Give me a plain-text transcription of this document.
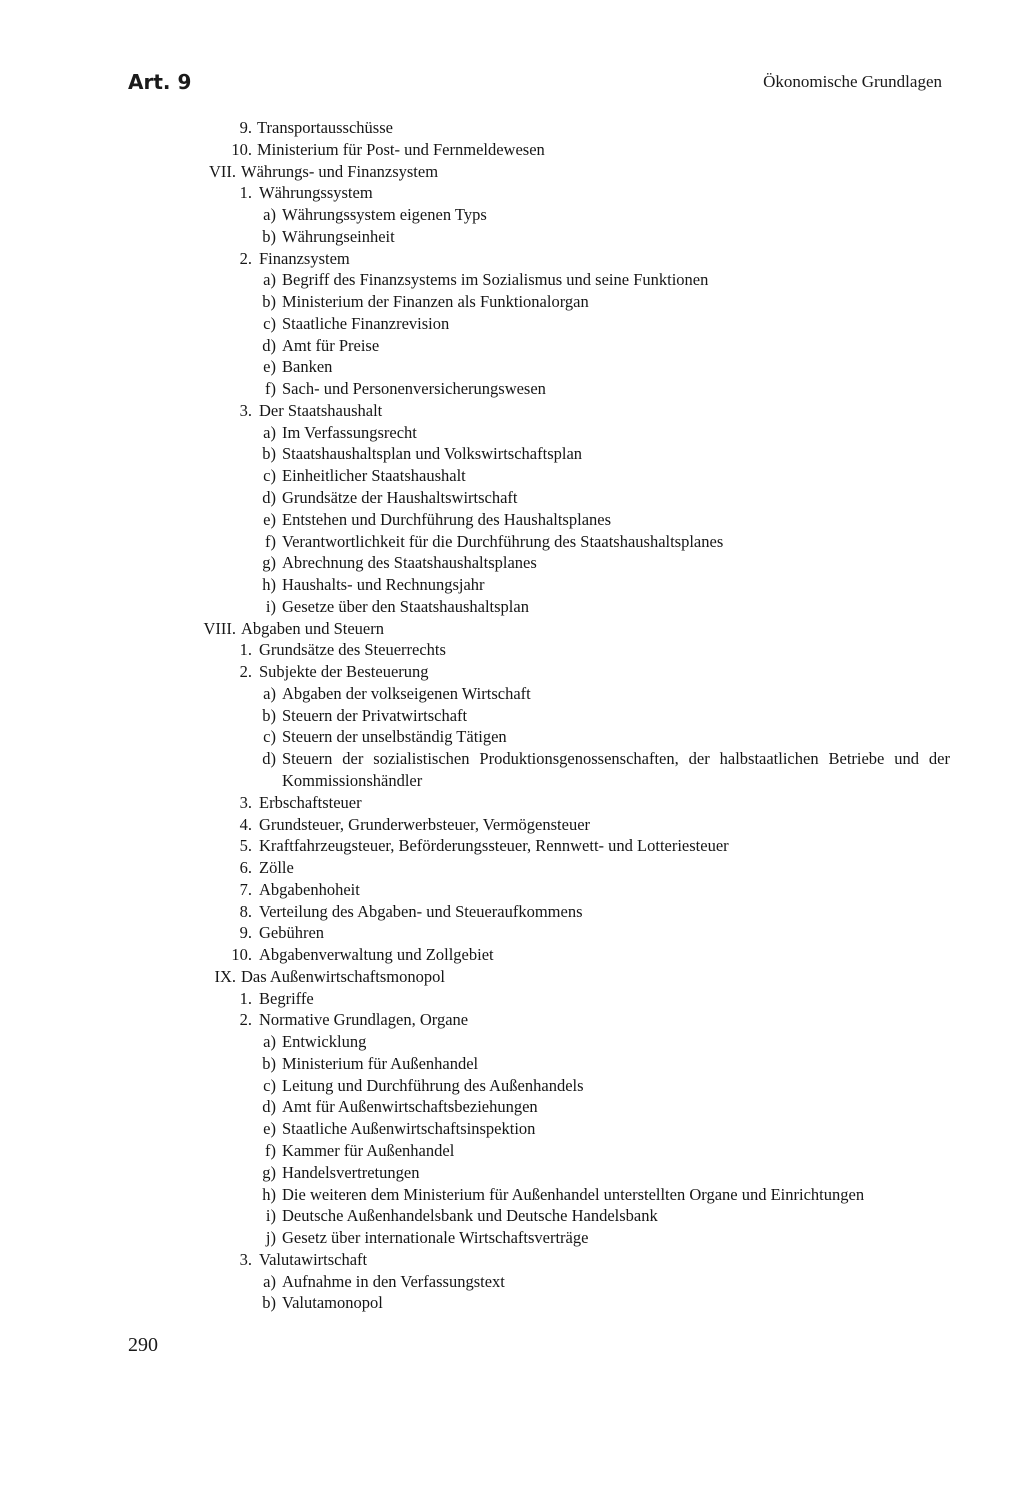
Art. 9	Ökonomische Grundlagen
9. Transportausschüsse
10. Ministerium für Post- und Fernmeldewesen
VII. Währungs- und Finanzsystem
1. Währungssystem
a) Währungssystem eigenen Typs
b) Währungseinheit
2. Finanzsystem
a) Begriff des Finanzsystems im Sozialismus und seine Funktionen
b) Ministerium der Finanzen als Funktionalorgan
c) Staatliche Finanzrevision
d) Amt für Preise
e) Banken
f) Sach- und Personenversicherungswesen
3. Der Staatshaushalt
a) Im Verfassungsrecht
b) Staatshaushaltsplan und Volkswirtschaftsplan
c) Einheitlicher Staatshaushalt
d) Grundsätze der Haushaltswirtschaft
e) Entstehen und Durchführung des Haushaltsplanes
f) Verantwortlichkeit für die Durchführung des Staatshaushaltsplanes
g) Abrechnung des Staatshaushaltsplanes
h) Haushalts- und Rechnungsjahr
i) Gesetze über den Staatshaushaltsplan
VIII. Abgaben und Steuern
1. Grundsätze des Steuerrechts
2. Subjekte der Besteuerung
a) Abgaben der volkseigenen Wirtschaft
b) Steuern der Privatwirtschaft
c) Steuern der unselbständig Tätigen
d) Steuern der sozialistischen Produktionsgenossenschaften, der halbstaatlichen Betriebe und der Kommissionshändler
3. Erbschaftsteuer
4. Grundsteuer, Grunderwerbsteuer, Vermögensteuer
5. Kraftfahrzeugsteuer, Beförderungssteuer, Rennwett- und Lotteriesteuer
6. Zölle
7. Abgabenhoheit
8. Verteilung des Abgaben- und Steueraufkommens
9. Gebühren
10. Abgabenverwaltung und Zollgebiet
IX. Das Außenwirtschaftsmonopol
1. Begriffe
2. Normative Grundlagen, Organe
a) Entwicklung
b) Ministerium für Außenhandel
c) Leitung und Durchführung des Außenhandels
d) Amt für Außenwirtschaftsbeziehungen
e) Staatliche Außenwirtschaftsinspektion
f) Kammer für Außenhandel
g) Handelsvertretungen
h) Die weiteren dem Ministerium für Außenhandel unterstellten Organe und Einrichtungen
i) Deutsche Außenhandelsbank und Deutsche Handelsbank
j) Gesetz über internationale Wirtschaftsverträge
3. Valutawirtschaft
a) Aufnahme in den Verfassungstext
b) Valutamonopol
290
